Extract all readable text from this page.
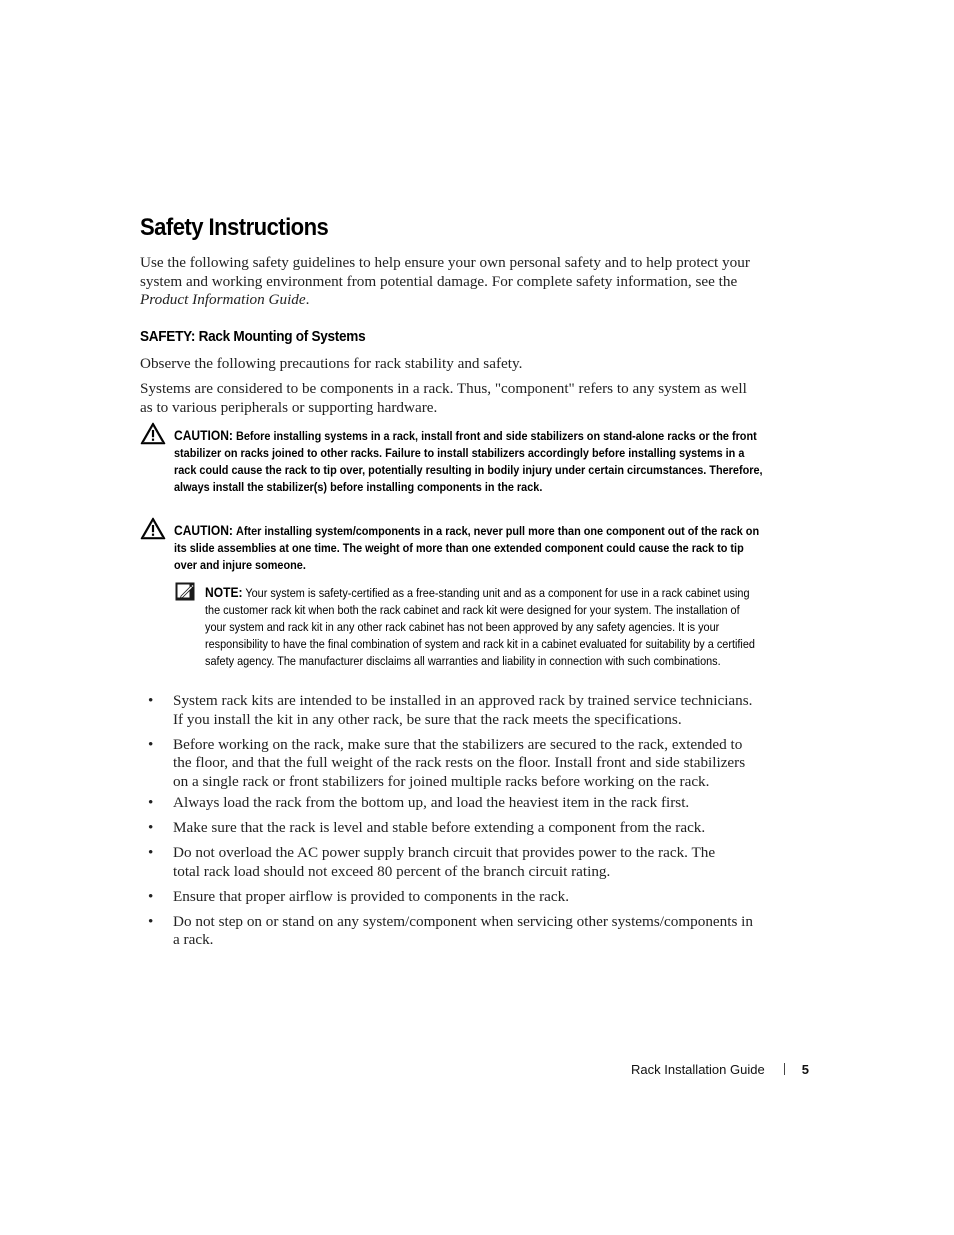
Safety Instructions

Use the following safety guidelines to help ensure your own personal safety and to help protect your system and working environment from potential damage. For complete safety information, see the Product Information Guide.

SAFETY: Rack Mounting of Systems

Observe the following precautions for rack stability and safety.

Systems are considered to be components in a rack. Thus, "component" refers to any system as well as to various peripherals or supporting hardware.

CAUTION: Before installing systems in a rack, install front and side stabilizers on stand-alone racks or the front stabilizer on racks joined to other racks. Failure to install stabilizers accordingly before installing systems in a rack could cause the rack to tip over, potentially resulting in bodily injury under certain circumstances. Therefore, always install the stabilizer(s) before installing components in the rack.

CAUTION: After installing system/components in a rack, never pull more than one component out of the rack on its slide assemblies at one time. The weight of more than one extended component could cause the rack to tip over and injure someone.

NOTE: Your system is safety-certified as a free-standing unit and as a component for use in a rack cabinet using the customer rack kit when both the rack cabinet and rack kit were designed for your system. The installation of your system and rack kit in any other rack cabinet has not been approved by any safety agencies. It is your responsibility to have the final combination of system and rack kit in a cabinet evaluated for suitability by a certified safety agency. The manufacturer disclaims all warranties and liability in connection with such combinations.

• System rack kits are intended to be installed in an approved rack by trained service technicians. If you install the kit in any other rack, be sure that the rack meets the specifications.
• Before working on the rack, make sure that the stabilizers are secured to the rack, extended to the floor, and that the full weight of the rack rests on the floor. Install front and side stabilizers on a single rack or front stabilizers for joined multiple racks before working on the rack.
• Always load the rack from the bottom up, and load the heaviest item in the rack first.
• Make sure that the rack is level and stable before extending a component from the rack.
• Do not overload the AC power supply branch circuit that provides power to the rack. The total rack load should not exceed 80 percent of the branch circuit rating.
• Ensure that proper airflow is provided to components in the rack.
• Do not step on or stand on any system/component when servicing other systems/components in a rack.
Rack Installation Guide	5
